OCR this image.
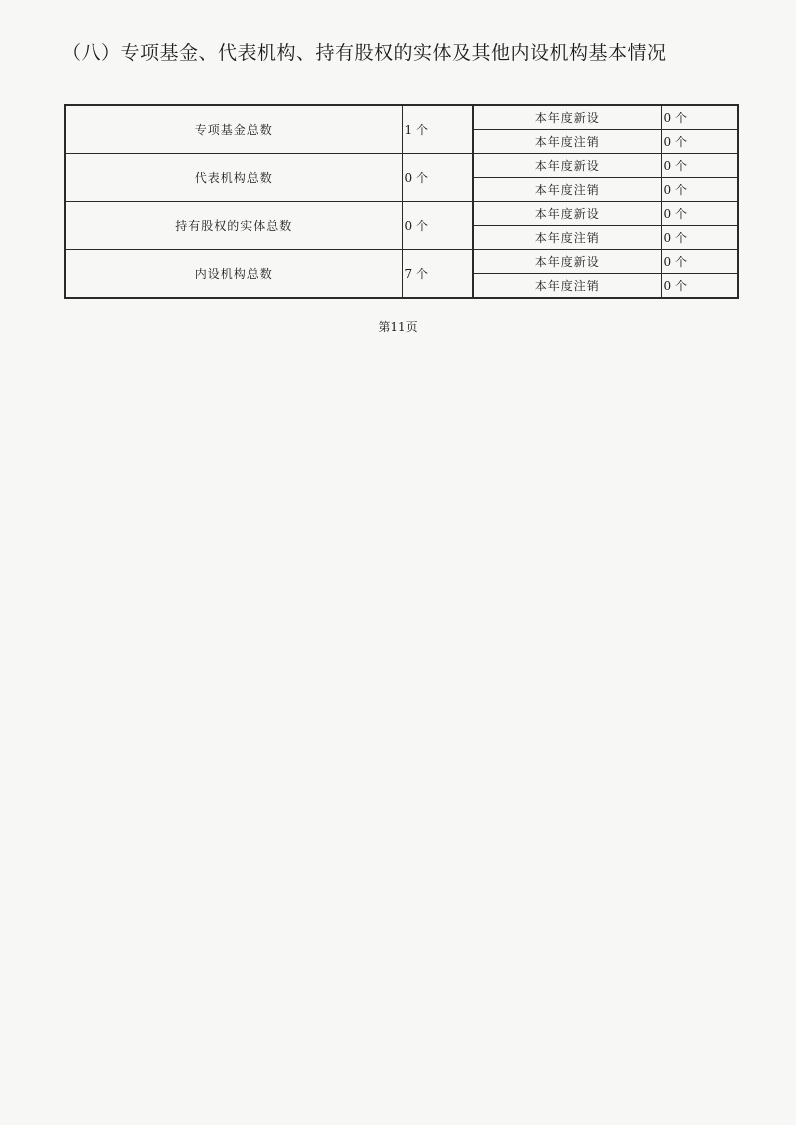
（八）专项基金、代表机构、持有股权的实体及其他内设机构基本情况
专项基金总数	1 个	本年度新设	0 个
		本年度注销	0 个
代表机构总数	0 个	本年度新设	0 个
		本年度注销	0 个
持有股权的实体总数	0 个	本年度新设	0 个
		本年度注销	0 个
内设机构总数	7 个	本年度新设	0 个
		本年度注销	0 个
第11页
